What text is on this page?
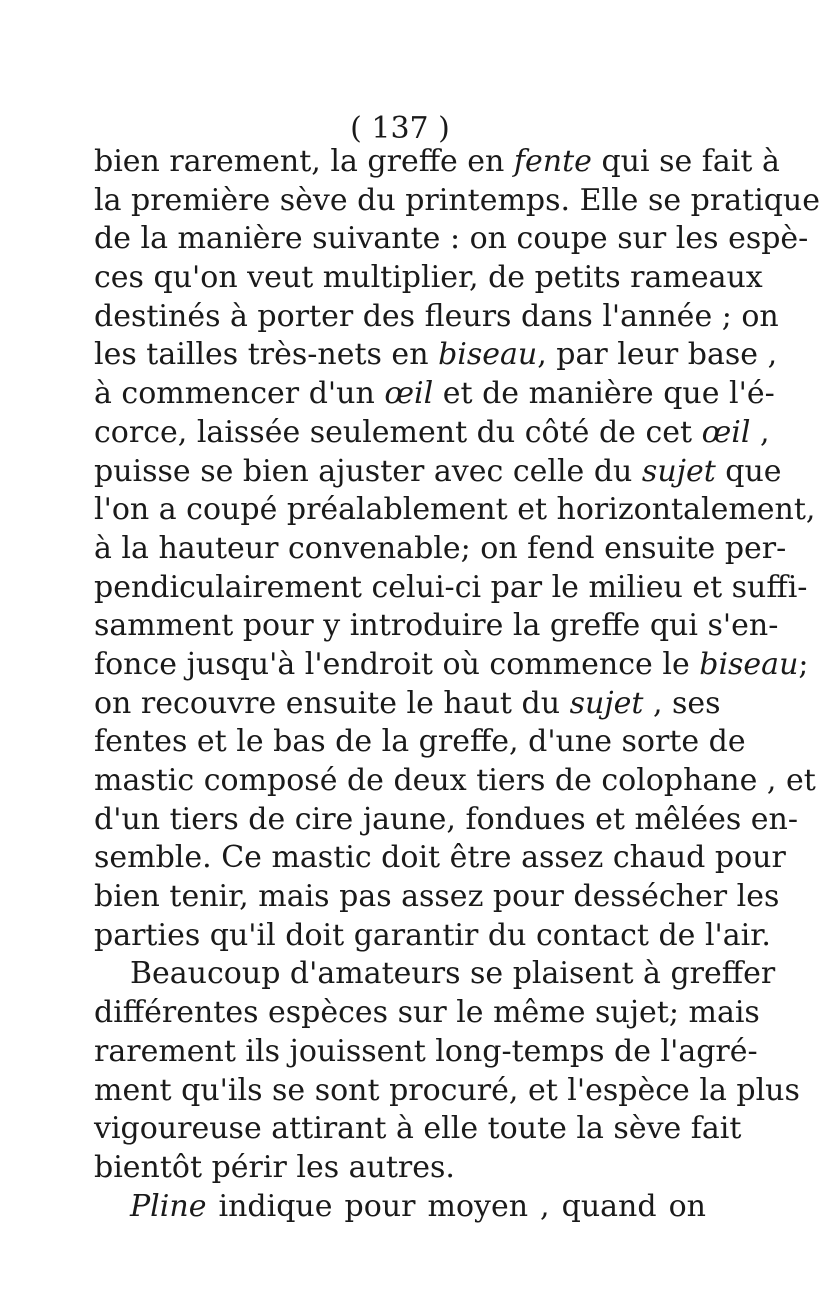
( 137 )
bien rarement, la greffe en fente qui se fait à
la première sève du printemps. Elle se pratique
de la manière suivante : on coupe sur les espè-
ces qu'on veut multiplier, de petits rameaux
destinés à porter des fleurs dans l'année ; on
les tailles très-nets en biseau, par leur base ,
à commencer d'un œil et de manière que l'é-
corce, laissée seulement du côté de cet œil ,
puisse se bien ajuster avec celle du sujet que
l'on a coupé préalablement et horizontalement,
à la hauteur convenable; on fend ensuite per-
pendiculairement celui-ci par le milieu et suffi-
samment pour y introduire la greffe qui s'en-
fonce jusqu'à l'endroit où commence le biseau;
on recouvre ensuite le haut du sujet , ses
fentes et le bas de la greffe, d'une sorte de
mastic composé de deux tiers de colophane , et
d'un tiers de cire jaune, fondues et mêlées en-
semble. Ce mastic doit être assez chaud pour
bien tenir, mais pas assez pour dessécher les
parties qu'il doit garantir du contact de l'air.
Beaucoup d'amateurs se plaisent à greffer
différentes espèces sur le même sujet; mais
rarement ils jouissent long-temps de l'agré-
ment qu'ils se sont procuré, et l'espèce la plus
vigoureuse attirant à elle toute la sève fait
bientôt périr les autres.
Pline indique pour moyen , quand on
